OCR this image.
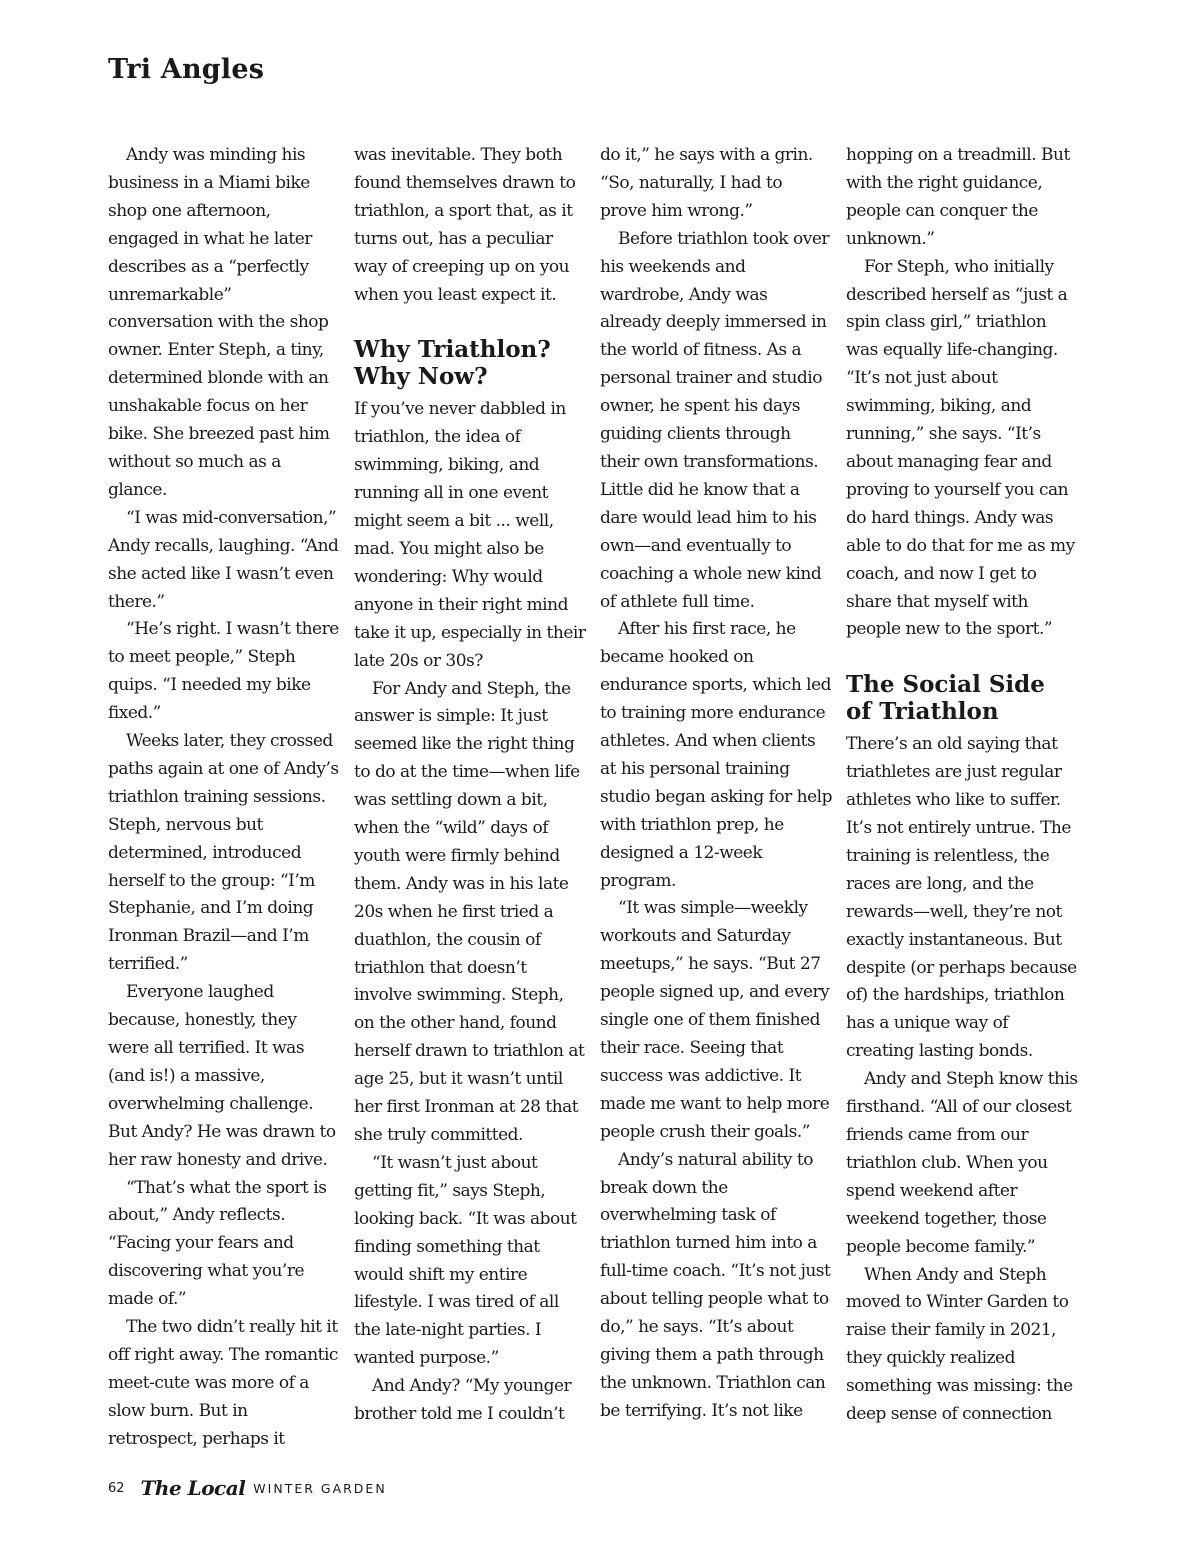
Tri Angles

Andy was minding his business in a Miami bike shop one afternoon, engaged in what he later describes as a “perfectly unremarkable” conversation with the shop owner. Enter Steph, a tiny, determined blonde with an unshakable focus on her bike. She breezed past him without so much as a glance.

“I was mid-conversation,” Andy recalls, laughing. “And she acted like I wasn’t even there.”

“He’s right. I wasn’t there to meet people,” Steph quips. “I needed my bike fixed.”

Weeks later, they crossed paths again at one of Andy’s triathlon training sessions. Steph, nervous but determined, introduced herself to the group: “I’m Stephanie, and I’m doing Ironman Brazil—and I’m terrified.”

Everyone laughed because, honestly, they were all terrified. It was (and is!) a massive, overwhelming challenge. But Andy? He was drawn to her raw honesty and drive.

“That’s what the sport is about,” Andy reflects. “Facing your fears and discovering what you’re made of.”

The two didn’t really hit it off right away. The romantic meet-cute was more of a slow burn. But in retrospect, perhaps it

was inevitable. They both found themselves drawn to triathlon, a sport that, as it turns out, has a peculiar way of creeping up on you when you least expect it.

Why Triathlon? Why Now?

If you’ve never dabbled in triathlon, the idea of swimming, biking, and running all in one event might seem a bit ... well, mad. You might also be wondering: Why would anyone in their right mind take it up, especially in their late 20s or 30s?

For Andy and Steph, the answer is simple: It just seemed like the right thing to do at the time—when life was settling down a bit, when the “wild” days of youth were firmly behind them. Andy was in his late 20s when he first tried a duathlon, the cousin of triathlon that doesn’t involve swimming. Steph, on the other hand, found herself drawn to triathlon at age 25, but it wasn’t until her first Ironman at 28 that she truly committed.

“It wasn’t just about getting fit,” says Steph, looking back. “It was about finding something that would shift my entire lifestyle. I was tired of all the late-night parties. I wanted purpose.”

And Andy? “My younger brother told me I couldn’t

do it,” he says with a grin. “So, naturally, I had to prove him wrong.”

Before triathlon took over his weekends and wardrobe, Andy was already deeply immersed in the world of fitness. As a personal trainer and studio owner, he spent his days guiding clients through their own transformations. Little did he know that a dare would lead him to his own—and eventually to coaching a whole new kind of athlete full time.

After his first race, he became hooked on endurance sports, which led to training more endurance athletes. And when clients at his personal training studio began asking for help with triathlon prep, he designed a 12-week program.

“It was simple—weekly workouts and Saturday meetups,” he says. “But 27 people signed up, and every single one of them finished their race. Seeing that success was addictive. It made me want to help more people crush their goals.”

Andy’s natural ability to break down the overwhelming task of triathlon turned him into a full-time coach. “It’s not just about telling people what to do,” he says. “It’s about giving them a path through the unknown. Triathlon can be terrifying. It’s not like

hopping on a treadmill. But with the right guidance, people can conquer the unknown.”

For Steph, who initially described herself as “just a spin class girl,” triathlon was equally life-changing. “It’s not just about swimming, biking, and running,” she says. “It’s about managing fear and proving to yourself you can do hard things. Andy was able to do that for me as my coach, and now I get to share that myself with people new to the sport.”

The Social Side of Triathlon

There’s an old saying that triathletes are just regular athletes who like to suffer. It’s not entirely untrue. The training is relentless, the races are long, and the rewards—well, they’re not exactly instantaneous. But despite (or perhaps because of) the hardships, triathlon has a unique way of creating lasting bonds.

Andy and Steph know this firsthand. “All of our closest friends came from our triathlon club. When you spend weekend after weekend together, those people become family.”

When Andy and Steph moved to Winter Garden to raise their family in 2021, they quickly realized something was missing: the deep sense of connection

62 The Local WINTER GARDEN
